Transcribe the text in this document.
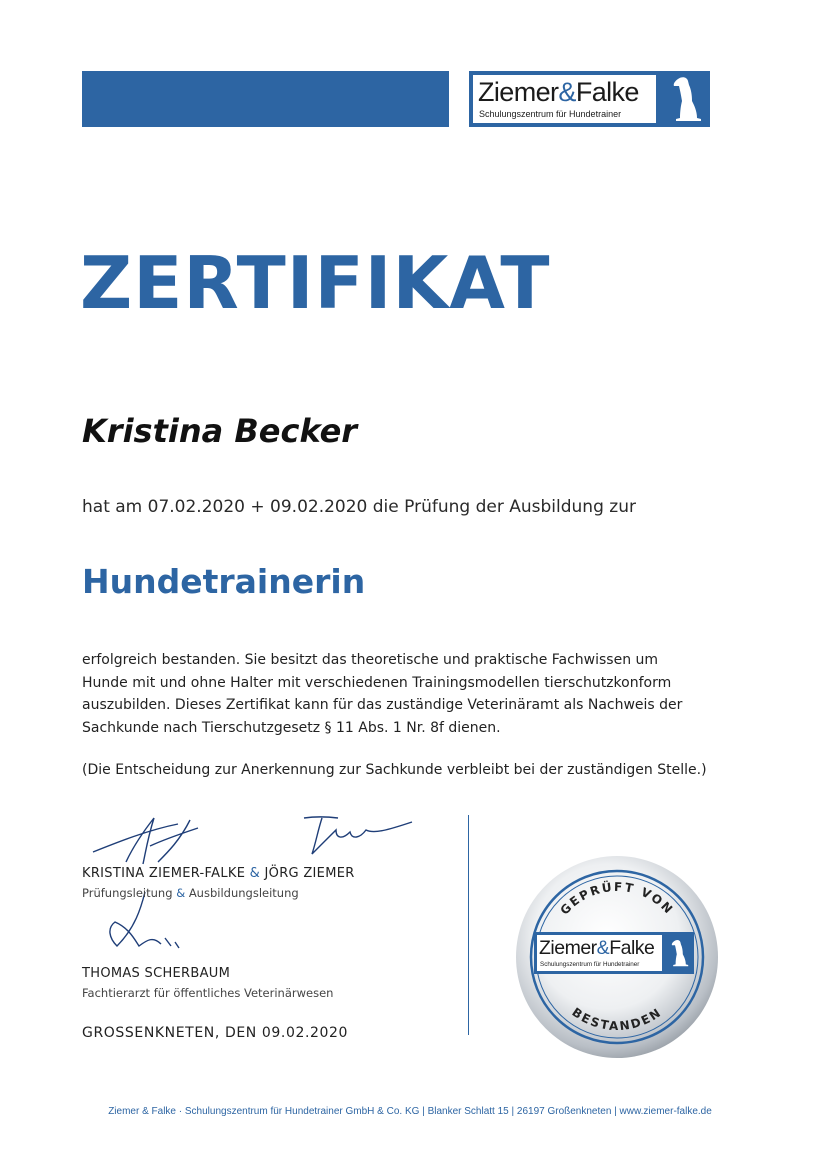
Ziemer&Falke
Schulungszentrum für Hundetrainer
ZERTIFIKAT
Kristina Becker
hat am 07.02.2020 + 09.02.2020 die Prüfung der Ausbildung zur
Hundetrainerin
erfolgreich bestanden. Sie besitzt das theoretische und praktische Fachwissen um
Hunde mit und ohne Halter mit verschiedenen Trainingsmodellen tierschutzkonform
auszubilden. Dieses Zertifikat kann für das zuständige Veterinäramt als Nachweis der
Sachkunde nach Tierschutzgesetz § 11 Abs. 1 Nr. 8f dienen.
(Die Entscheidung zur Anerkennung zur Sachkunde verbleibt bei der zuständigen Stelle.)
KRISTINA ZIEMER-FALKE & JÖRG ZIEMER
Prüfungsleitung & Ausbildungsleitung
THOMAS SCHERBAUM
Fachtierarzt für öffentliches Veterinärwesen
GROSSENKNETEN, DEN 09.02.2020
GEPRÜFT VON
BESTANDEN
Ziemer&Falke
Schulungszentrum für Hundetrainer
Ziemer & Falke · Schulungszentrum für Hundetrainer GmbH & Co. KG | Blanker Schlatt 15 | 26197 Großenkneten | www.ziemer-falke.de
